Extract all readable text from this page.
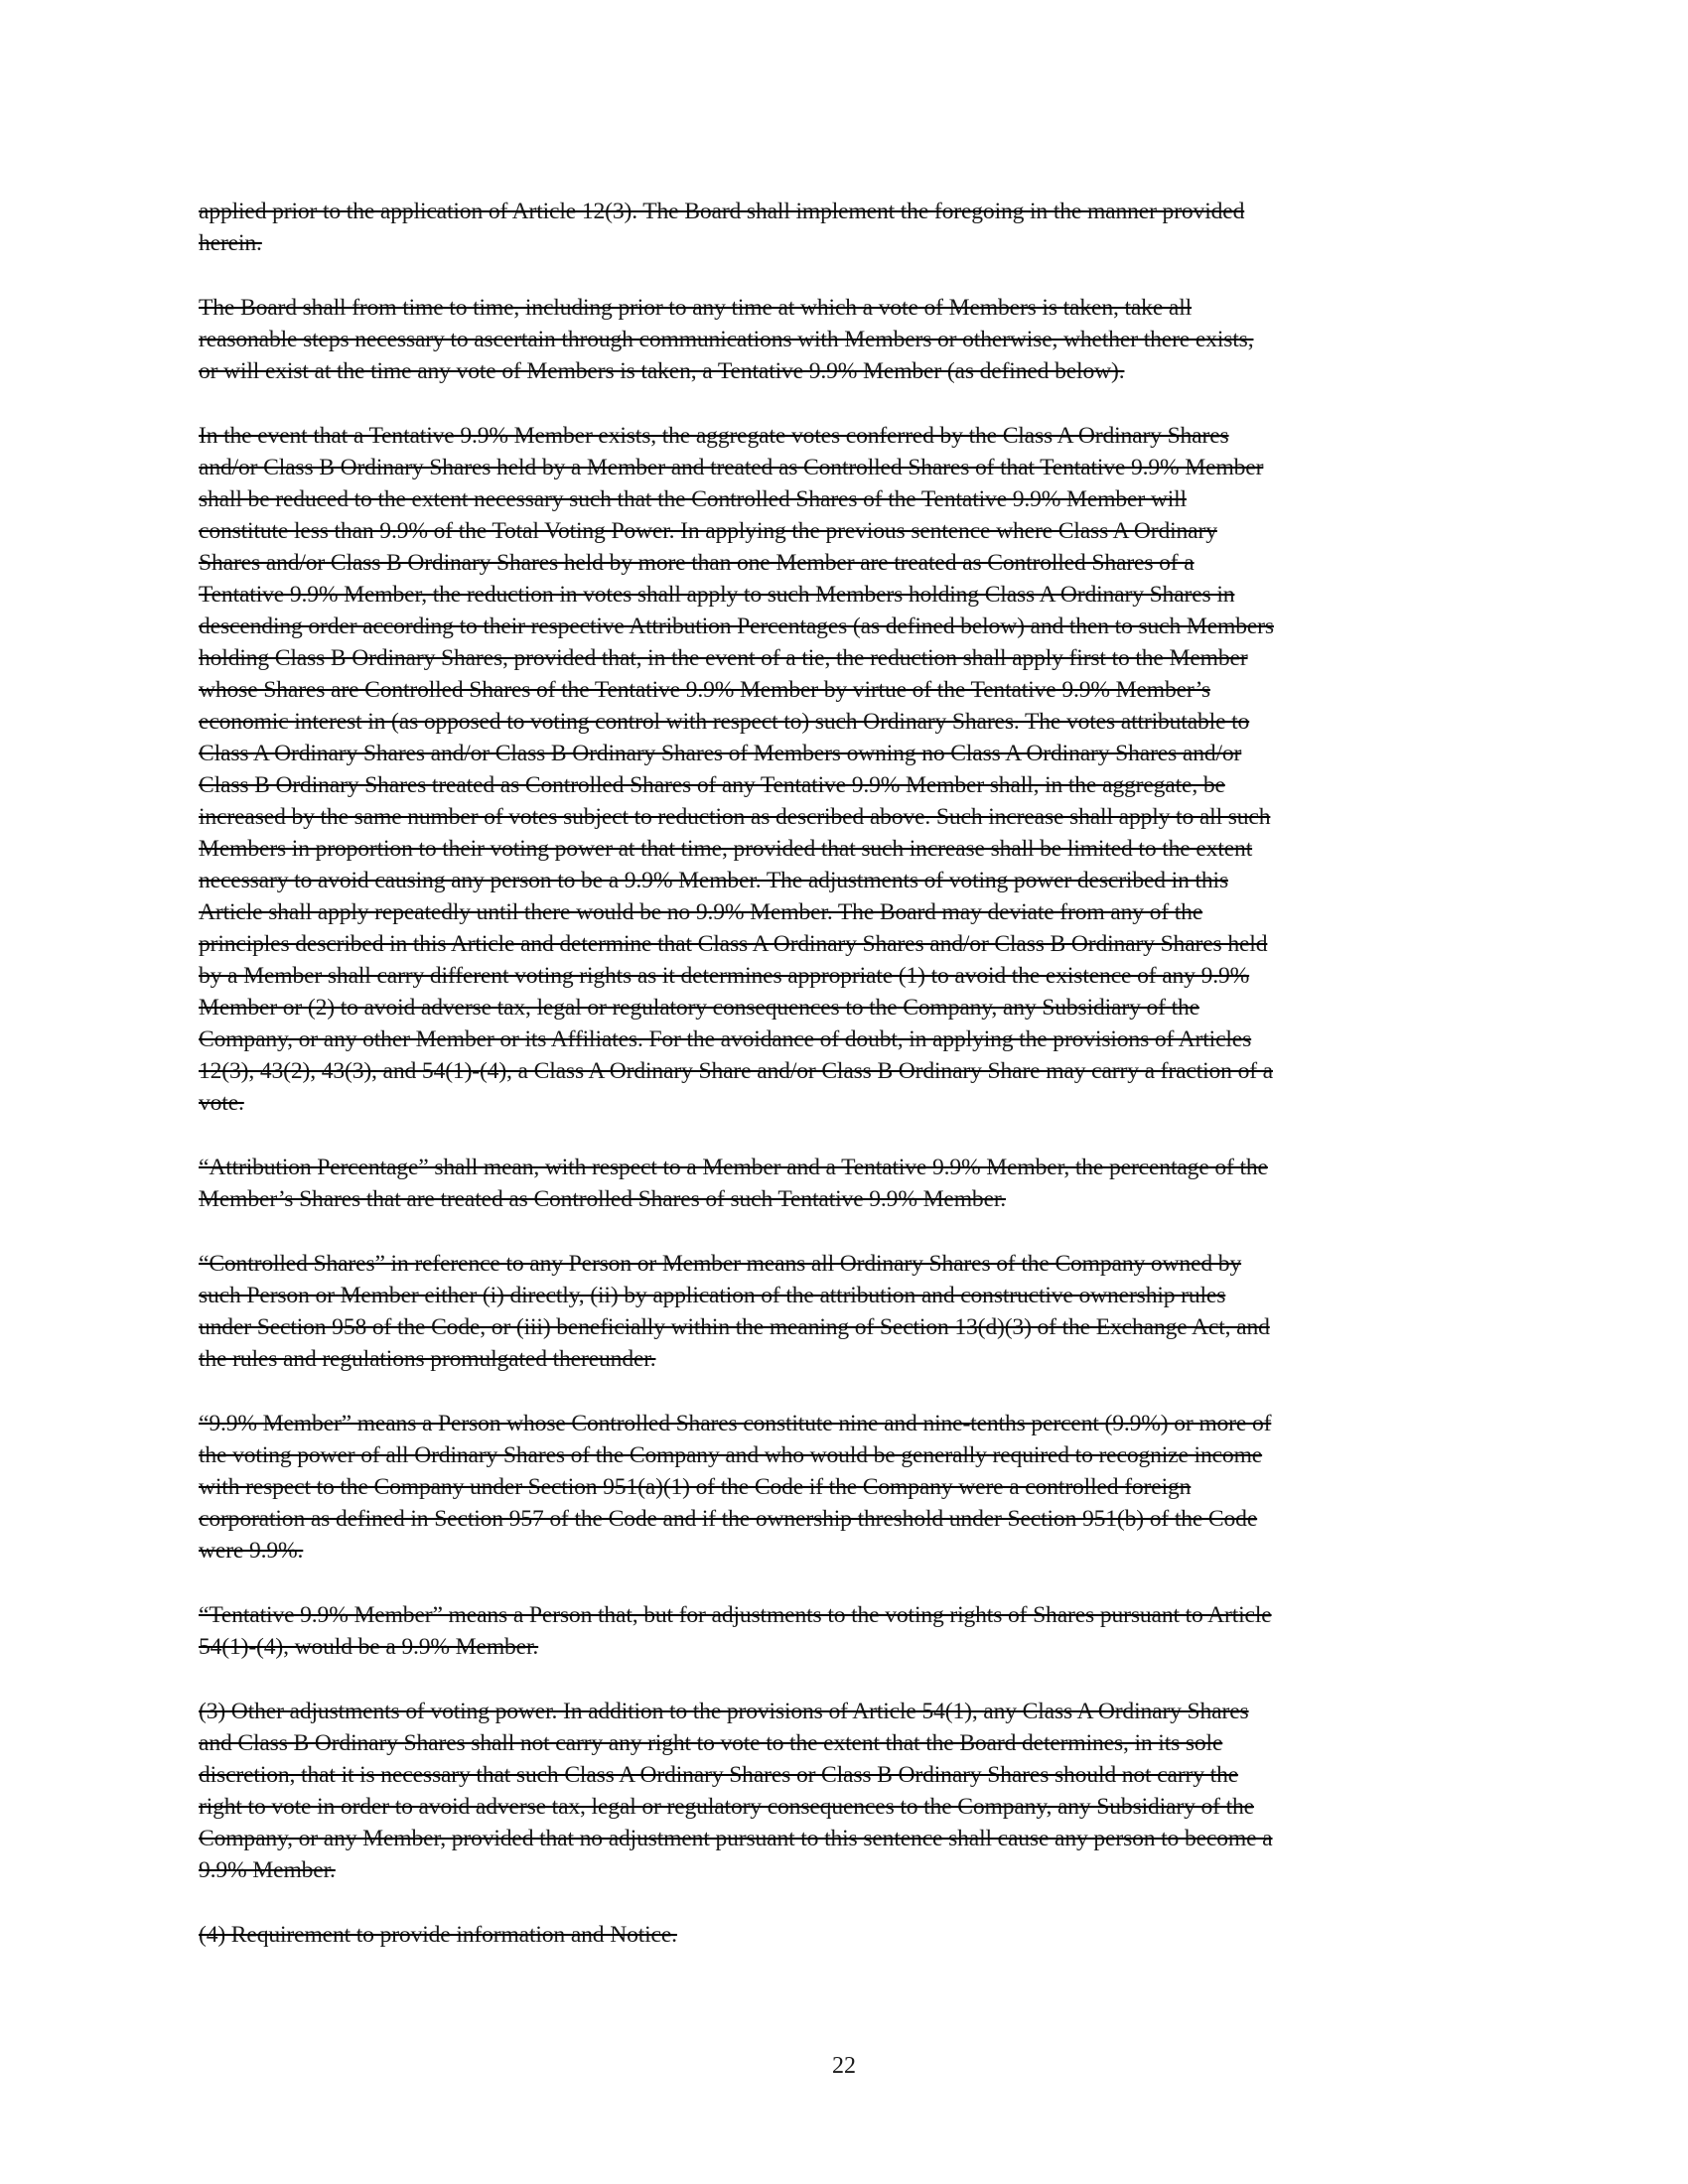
applied prior to the application of Article 12(3). The Board shall implement the foregoing in the manner provided
herein.
The Board shall from time to time, including prior to any time at which a vote of Members is taken, take all
reasonable steps necessary to ascertain through communications with Members or otherwise, whether there exists,
or will exist at the time any vote of Members is taken, a Tentative 9.9% Member (as defined below).
In the event that a Tentative 9.9% Member exists, the aggregate votes conferred by the Class A Ordinary Shares
and/or Class B Ordinary Shares held by a Member and treated as Controlled Shares of that Tentative 9.9% Member
shall be reduced to the extent necessary such that the Controlled Shares of the Tentative 9.9% Member will
constitute less than 9.9% of the Total Voting Power. In applying the previous sentence where Class A Ordinary
Shares and/or Class B Ordinary Shares held by more than one Member are treated as Controlled Shares of a
Tentative 9.9% Member, the reduction in votes shall apply to such Members holding Class A Ordinary Shares in
descending order according to their respective Attribution Percentages (as defined below) and then to such Members
holding Class B Ordinary Shares, provided that, in the event of a tie, the reduction shall apply first to the Member
whose Shares are Controlled Shares of the Tentative 9.9% Member by virtue of the Tentative 9.9% Member’s
economic interest in (as opposed to voting control with respect to) such Ordinary Shares. The votes attributable to
Class A Ordinary Shares and/or Class B Ordinary Shares of Members owning no Class A Ordinary Shares and/or
Class B Ordinary Shares treated as Controlled Shares of any Tentative 9.9% Member shall, in the aggregate, be
increased by the same number of votes subject to reduction as described above. Such increase shall apply to all such
Members in proportion to their voting power at that time, provided that such increase shall be limited to the extent
necessary to avoid causing any person to be a 9.9% Member. The adjustments of voting power described in this
Article shall apply repeatedly until there would be no 9.9% Member. The Board may deviate from any of the
principles described in this Article and determine that Class A Ordinary Shares and/or Class B Ordinary Shares held
by a Member shall carry different voting rights as it determines appropriate (1) to avoid the existence of any 9.9%
Member or (2) to avoid adverse tax, legal or regulatory consequences to the Company, any Subsidiary of the
Company, or any other Member or its Affiliates. For the avoidance of doubt, in applying the provisions of Articles
12(3), 43(2), 43(3), and 54(1)-(4), a Class A Ordinary Share and/or Class B Ordinary Share may carry a fraction of a
vote.
“Attribution Percentage” shall mean, with respect to a Member and a Tentative 9.9% Member, the percentage of the
Member’s Shares that are treated as Controlled Shares of such Tentative 9.9% Member.
“Controlled Shares” in reference to any Person or Member means all Ordinary Shares of the Company owned by
such Person or Member either (i) directly, (ii) by application of the attribution and constructive ownership rules
under Section 958 of the Code, or (iii) beneficially within the meaning of Section 13(d)(3) of the Exchange Act, and
the rules and regulations promulgated thereunder.
“9.9% Member” means a Person whose Controlled Shares constitute nine and nine-tenths percent (9.9%) or more of
the voting power of all Ordinary Shares of the Company and who would be generally required to recognize income
with respect to the Company under Section 951(a)(1) of the Code if the Company were a controlled foreign
corporation as defined in Section 957 of the Code and if the ownership threshold under Section 951(b) of the Code
were 9.9%.
“Tentative 9.9% Member” means a Person that, but for adjustments to the voting rights of Shares pursuant to Article
54(1)-(4), would be a 9.9% Member.
(3) Other adjustments of voting power. In addition to the provisions of Article 54(1), any Class A Ordinary Shares
and Class B Ordinary Shares shall not carry any right to vote to the extent that the Board determines, in its sole
discretion, that it is necessary that such Class A Ordinary Shares or Class B Ordinary Shares should not carry the
right to vote in order to avoid adverse tax, legal or regulatory consequences to the Company, any Subsidiary of the
Company, or any Member, provided that no adjustment pursuant to this sentence shall cause any person to become a
9.9% Member.
(4) Requirement to provide information and Notice.
22
